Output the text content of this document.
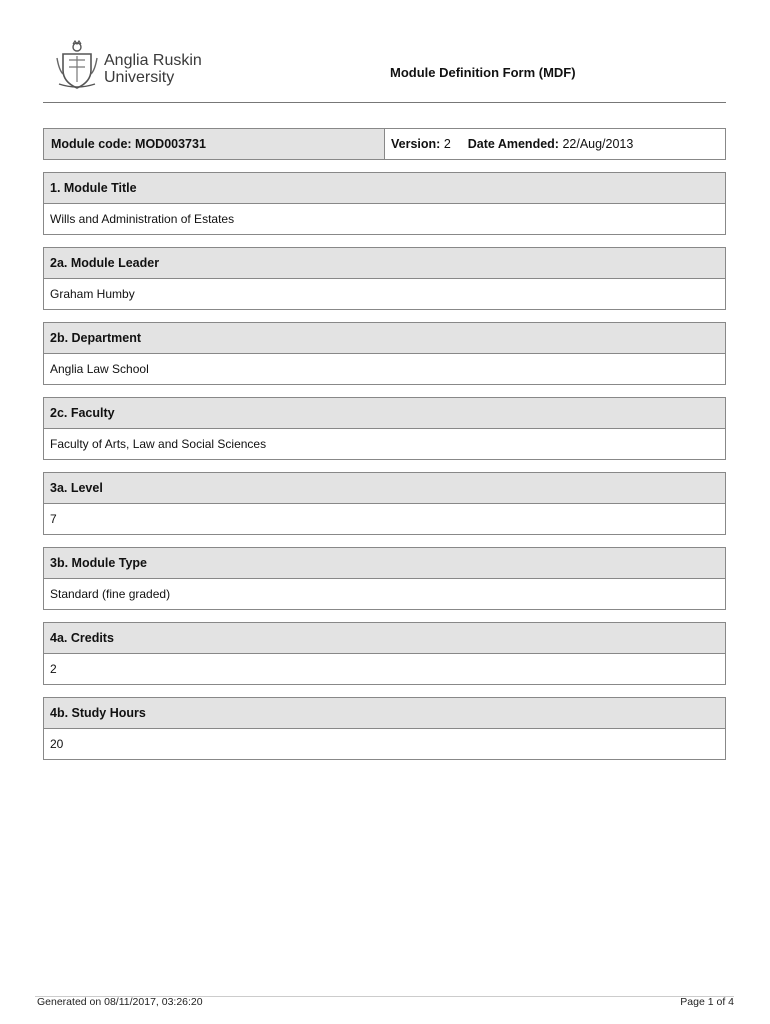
Anglia Ruskin
University	Module Definition Form (MDF)
Module code: MOD003731	Version: 2 Date Amended: 22/Aug/2013
1. Module Title
Wills and Administration of Estates
2a. Module Leader
Graham Humby
2b. Department
Anglia Law School
2c. Faculty
Faculty of Arts, Law and Social Sciences
3a. Level
7
3b. Module Type
Standard (fine graded)
4a. Credits
2
4b. Study Hours
20
Generated on 08/11/2017, 03:26:20	Page 1 of 4
